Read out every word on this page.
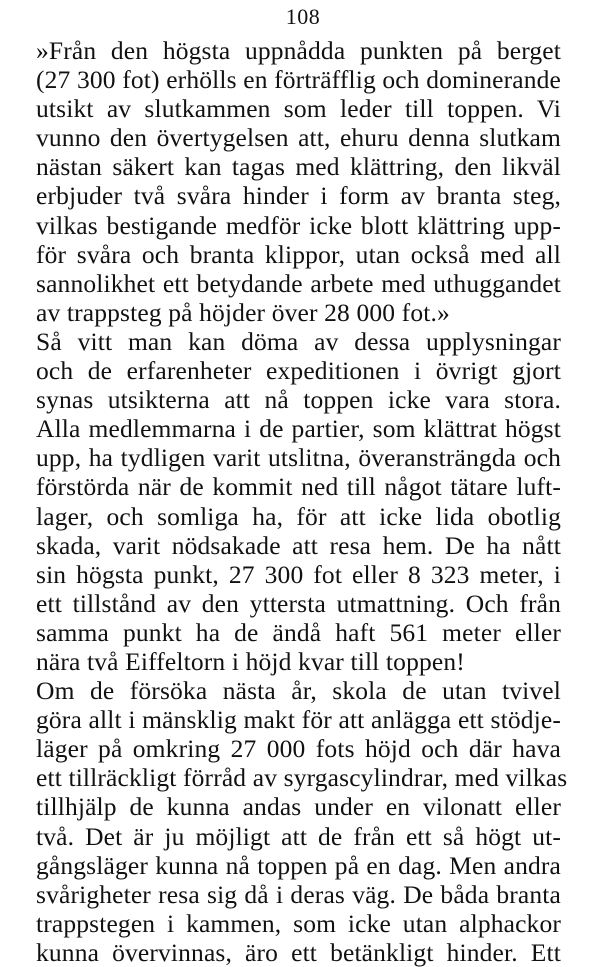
108
»Från den högsta uppnådda punkten på berget
(27 300 fot) erhölls en förträfflig och dominerande
utsikt av slutkammen som leder till toppen. Vi
vunno den övertygelsen att, ehuru denna slutkam
nästan säkert kan tagas med klättring, den likväl
erbjuder två svåra hinder i form av branta steg,
vilkas bestigande medför icke blott klättring upp-
för svåra och branta klippor, utan också med all
sannolikhet ett betydande arbete med uthuggandet
av trappsteg på höjder över 28 000 fot.»
Så vitt man kan döma av dessa upplysningar
och de erfarenheter expeditionen i övrigt gjort
synas utsikterna att nå toppen icke vara stora.
Alla medlemmarna i de partier, som klättrat högst
upp, ha tydligen varit utslitna, överansträngda och
förstörda när de kommit ned till något tätare luft-
lager, och somliga ha, för att icke lida obotlig
skada, varit nödsakade att resa hem. De ha nått
sin högsta punkt, 27 300 fot eller 8 323 meter, i
ett tillstånd av den yttersta utmattning. Och från
samma punkt ha de ändå haft 561 meter eller
nära två Eiffeltorn i höjd kvar till toppen!
Om de försöka nästa år, skola de utan tvivel
göra allt i mänsklig makt för att anlägga ett stödje-
läger på omkring 27 000 fots höjd och där hava
ett tillräckligt förråd av syrgascylindrar, med vilkas
tillhjälp de kunna andas under en vilonatt eller
två. Det är ju möjligt att de från ett så högt ut-
gångsläger kunna nå toppen på en dag. Men andra
svårigheter resa sig då i deras väg. De båda branta
trappstegen i kammen, som icke utan alphackor
kunna övervinnas, äro ett betänkligt hinder. Ett
